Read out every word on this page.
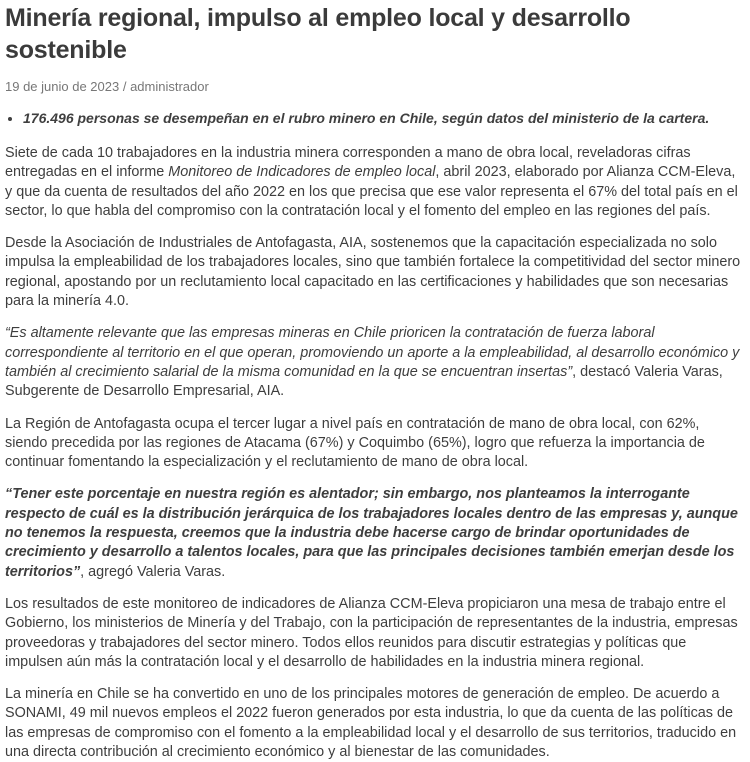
Minería regional, impulso al empleo local y desarrollo sostenible
19 de junio de 2023 / administrador
• 176.496 personas se desempeñan en el rubro minero en Chile, según datos del ministerio de la cartera.

Siete de cada 10 trabajadores en la industria minera corresponden a mano de obra local, reveladoras cifras entregadas en el informe Monitoreo de Indicadores de empleo local, abril 2023, elaborado por Alianza CCM-Eleva, y que da cuenta de resultados del año 2022 en los que precisa que ese valor representa el 67% del total país en el sector, lo que habla del compromiso con la contratación local y el fomento del empleo en las regiones del país.

Desde la Asociación de Industriales de Antofagasta, AIA, sostenemos que la capacitación especializada no solo impulsa la empleabilidad de los trabajadores locales, sino que también fortalece la competitividad del sector minero regional, apostando por un reclutamiento local capacitado en las certificaciones y habilidades que son necesarias para la minería 4.0.

“Es altamente relevante que las empresas mineras en Chile prioricen la contratación de fuerza laboral correspondiente al territorio en el que operan, promoviendo un aporte a la empleabilidad, al desarrollo económico y también al crecimiento salarial de la misma comunidad en la que se encuentran insertas”, destacó Valeria Varas, Subgerente de Desarrollo Empresarial, AIA.

La Región de Antofagasta ocupa el tercer lugar a nivel país en contratación de mano de obra local, con 62%, siendo precedida por las regiones de Atacama (67%) y Coquimbo (65%), logro que refuerza la importancia de continuar fomentando la especialización y el reclutamiento de mano de obra local.

“Tener este porcentaje en nuestra región es alentador; sin embargo, nos planteamos la interrogante respecto de cuál es la distribución jerárquica de los trabajadores locales dentro de las empresas y, aunque no tenemos la respuesta, creemos que la industria debe hacerse cargo de brindar oportunidades de crecimiento y desarrollo a talentos locales, para que las principales decisiones también emerjan desde los territorios”, agregó Valeria Varas.

Los resultados de este monitoreo de indicadores de Alianza CCM-Eleva propiciaron una mesa de trabajo entre el Gobierno, los ministerios de Minería y del Trabajo, con la participación de representantes de la industria, empresas proveedoras y trabajadores del sector minero. Todos ellos reunidos para discutir estrategias y políticas que impulsen aún más la contratación local y el desarrollo de habilidades en la industria minera regional.

La minería en Chile se ha convertido en uno de los principales motores de generación de empleo. De acuerdo a SONAMI, 49 mil nuevos empleos el 2022 fueron generados por esta industria, lo que da cuenta de las políticas de las empresas de compromiso con el fomento a la empleabilidad local y el desarrollo de sus territorios, traducido en una directa contribución al crecimiento económico y al bienestar de las comunidades.
